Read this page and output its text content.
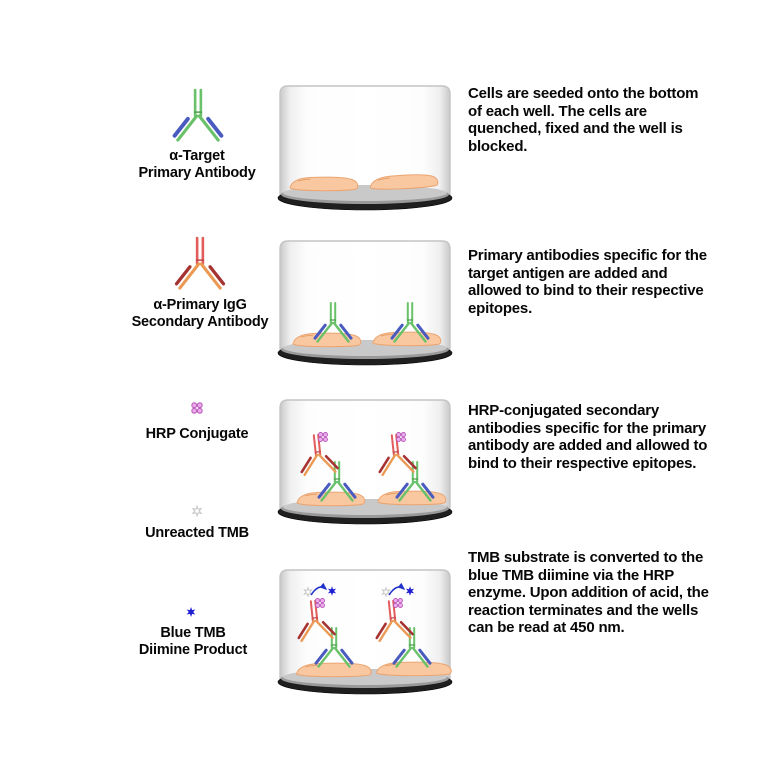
α-Target
Primary Antibody
α-Primary IgG
Secondary Antibody
HRP Conjugate
Unreacted TMB
Blue TMB
Diimine Product
Cells are seeded onto the bottom of each well. The cells are quenched, fixed and the well is blocked.
Primary antibodies specific for the target antigen are added and allowed to bind to their respective epitopes.
HRP-conjugated secondary antibodies specific for the primary antibody are added and allowed to bind to their respective epitopes.
TMB substrate is converted to the blue TMB diimine via the HRP enzyme. Upon addition of acid, the reaction terminates and the wells can be read at 450 nm.
